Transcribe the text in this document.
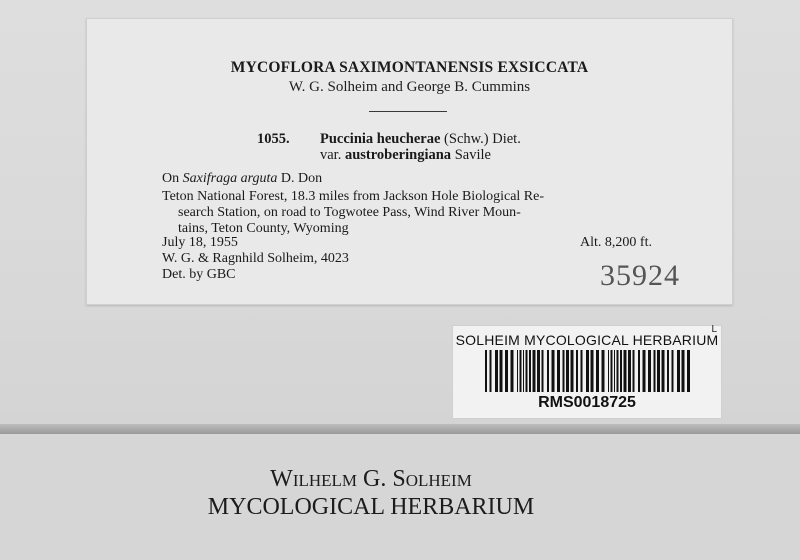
MYCOFLORA SAXIMONTANENSIS EXSICCATA
W. G. Solheim and George B. Cummins
1055. Puccinia heucherae (Schw.) Diet.
var. austroberingiana Savile
On Saxifraga arguta D. Don
Teton National Forest, 18.3 miles from Jackson Hole Biological Re-
search Station, on road to Togwotee Pass, Wind River Moun-
tains, Teton County, Wyoming
July 18, 1955	Alt. 8,200 ft.
W. G. & Ragnhild Solheim, 4023
Det. by GBC	35924
SOLHEIM MYCOLOGICAL HERBARIUM
L
RMS0018725
Wilhelm G. Solheim
MYCOLOGICAL HERBARIUM
